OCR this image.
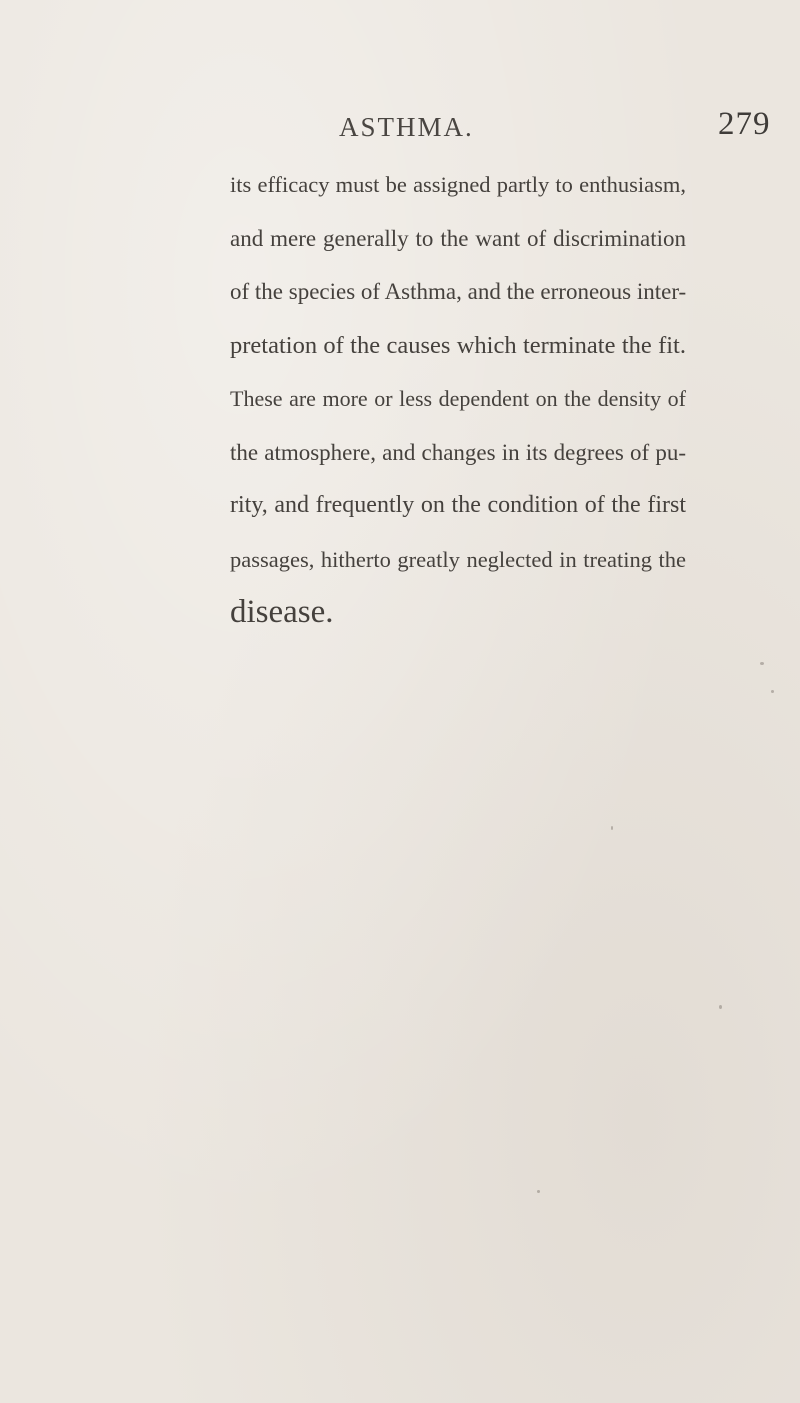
ASTHMA.	279
its efficacy must be assigned partly to enthusiasm,
and mere generally to the want of discrimination
of the species of Asthma, and the erroneous inter-
pretation of the causes which terminate the fit.
These are more or less dependent on the density of
the atmosphere, and changes in its degrees of pu-
rity, and frequently on the condition of the first
passages, hitherto greatly neglected in treating the
disease.
